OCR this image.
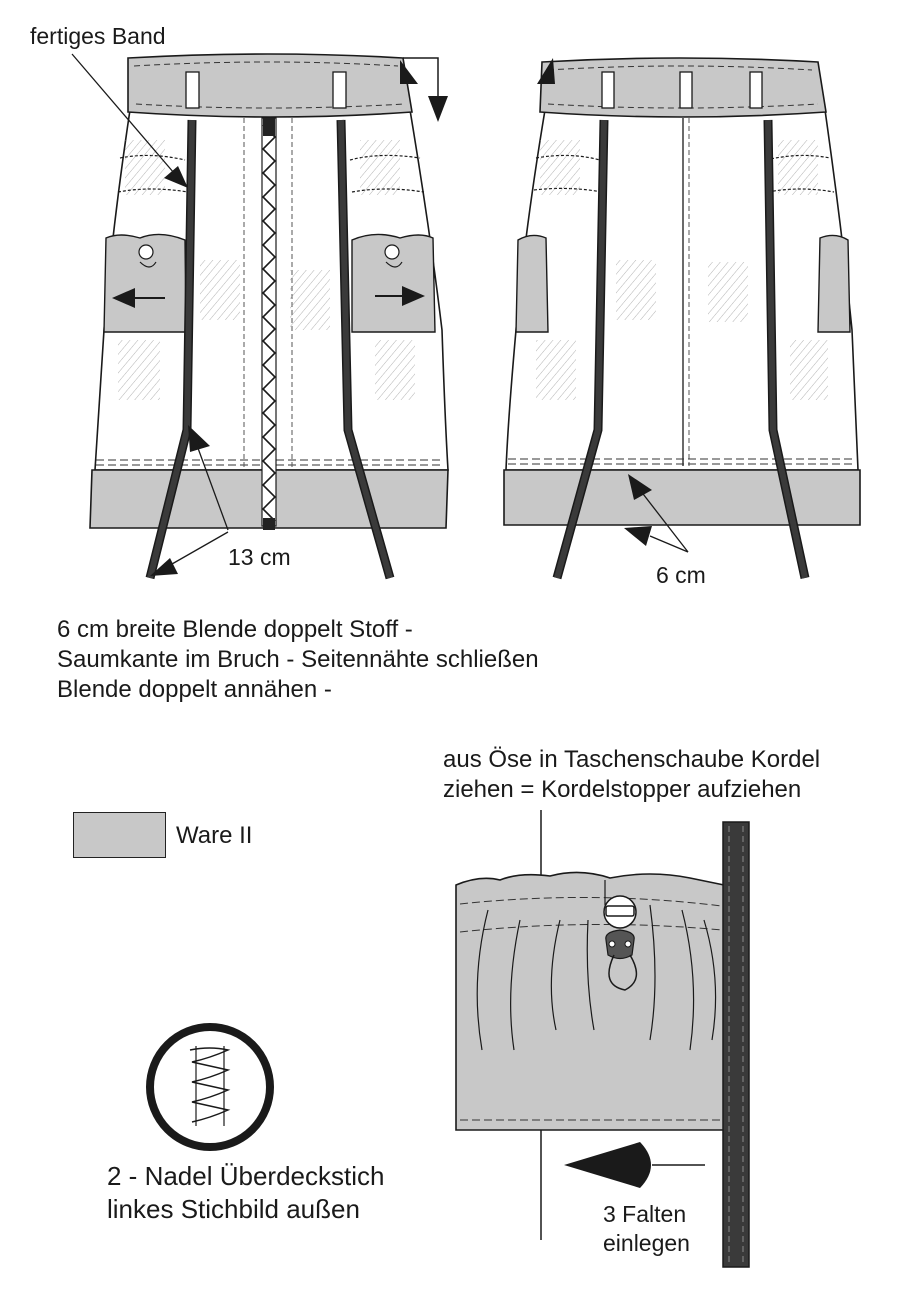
fertiges Band
13 cm
6 cm
6 cm breite Blende doppelt Stoff -
Saumkante im Bruch - Seitennähte schließen
Blende doppelt annähen -
Ware II
aus Öse in Taschenschaube Kordel
ziehen = Kordelstopper aufziehen
2 - Nadel Überdeckstich
linkes Stichbild außen	3 Falten
einlegen
